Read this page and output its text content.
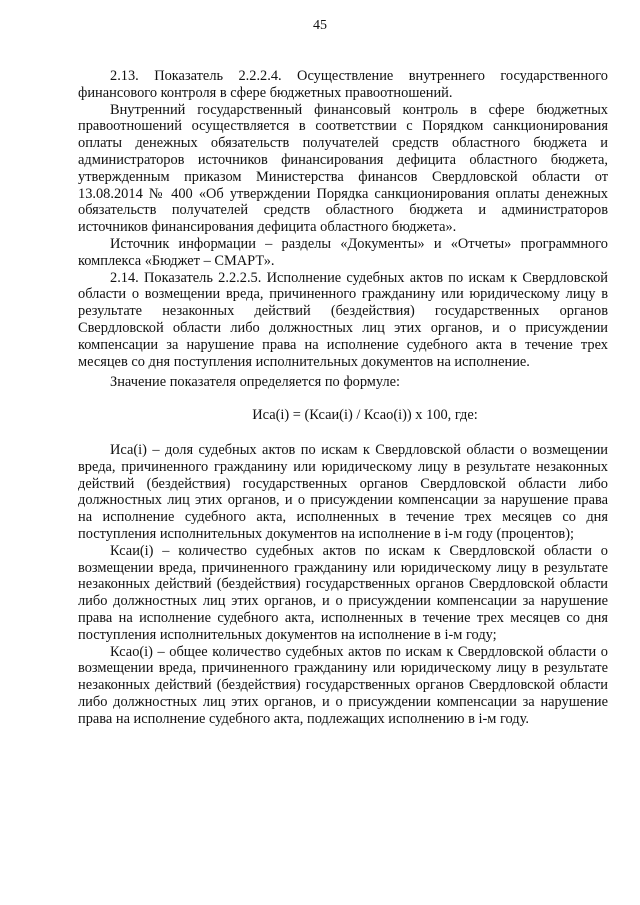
45

2.13. Показатель 2.2.2.4. Осуществление внутреннего государственного финансового контроля в сфере бюджетных правоотношений.

Внутренний государственный финансовый контроль в сфере бюджетных правоотношений осуществляется в соответствии с Порядком санкционирования оплаты денежных обязательств получателей средств областного бюджета и администраторов источников финансирования дефицита областного бюджета, утвержденным приказом Министерства финансов Свердловской области от 13.08.2014 № 400 «Об утверждении Порядка санкционирования оплаты денежных обязательств получателей средств областного бюджета и администраторов источников финансирования дефицита областного бюджета».

Источник информации – разделы «Документы» и «Отчеты» программного комплекса «Бюджет – СМАРТ».

2.14. Показатель 2.2.2.5. Исполнение судебных актов по искам к Свердловской области о возмещении вреда, причиненного гражданину или юридическому лицу в результате незаконных действий (бездействия) государственных органов Свердловской области либо должностных лиц этих органов, и о присуждении компенсации за нарушение права на исполнение судебного акта в течение трех месяцев со дня поступления исполнительных документов на исполнение.

Значение показателя определяется по формуле:

Иса(i) = (Ксаи(i) / Ксао(i)) x 100, где:

Иса(i) – доля судебных актов по искам к Свердловской области о возмещении вреда, причиненного гражданину или юридическому лицу в результате незаконных действий (бездействия) государственных органов Свердловской области либо должностных лиц этих органов, и о присуждении компенсации за нарушение права на исполнение судебного акта, исполненных в течение трех месяцев со дня поступления исполнительных документов на исполнение в i-м году (процентов);

Ксаи(i) – количество судебных актов по искам к Свердловской области о возмещении вреда, причиненного гражданину или юридическому лицу в результате незаконных действий (бездействия) государственных органов Свердловской области либо должностных лиц этих органов, и о присуждении компенсации за нарушение права на исполнение судебного акта, исполненных в течение трех месяцев со дня поступления исполнительных документов на исполнение в i-м году;

Ксао(i) – общее количество судебных актов по искам к Свердловской области о возмещении вреда, причиненного гражданину или юридическому лицу в результате незаконных действий (бездействия) государственных органов Свердловской области либо должностных лиц этих органов, и о присуждении компенсации за нарушение права на исполнение судебного акта, подлежащих исполнению в i-м году.
